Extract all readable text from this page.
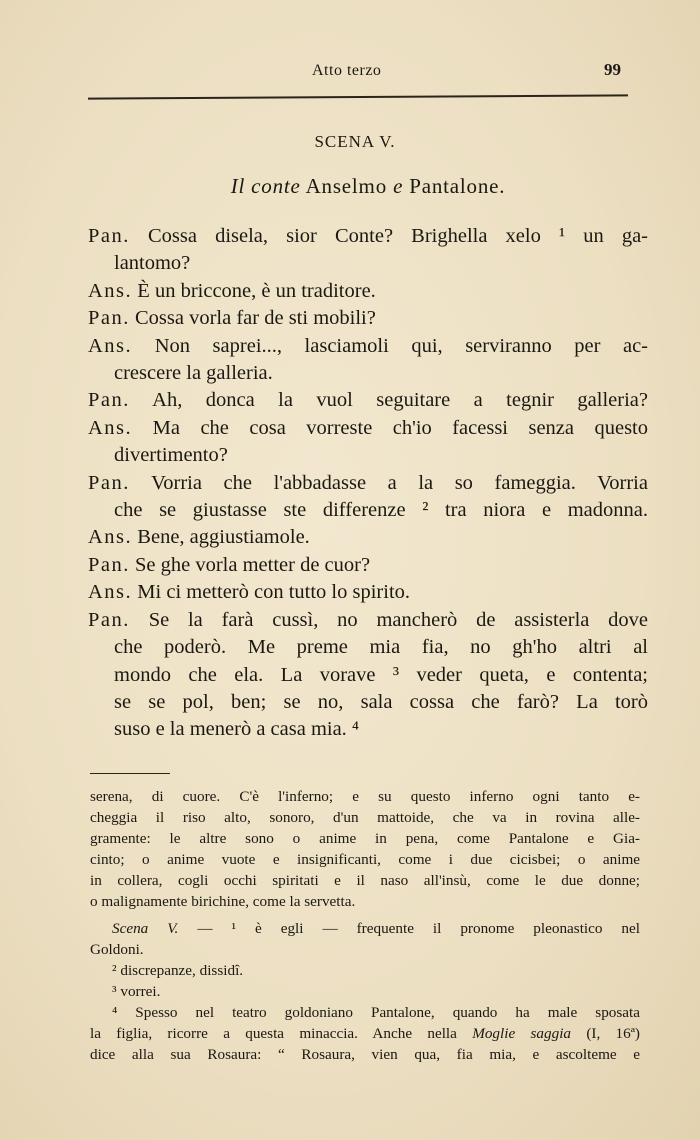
Atto terzo	99
SCENA V.
Il conte Anselmo e Pantalone.

Pan. Cossa disela, sior Conte? Brighella xelo ¹ un ga-

lantomo?

Ans. È un briccone, è un traditore.

Pan. Cossa vorla far de sti mobili?

Ans. Non saprei..., lasciamoli qui, serviranno per ac-

crescere la galleria.

Pan. Ah, donca la vuol seguitare a tegnir galleria?

Ans. Ma che cosa vorreste ch'io facessi senza questo

divertimento?

Pan. Vorria che l'abbadasse a la so fameggia. Vorria

che se giustasse ste differenze ² tra niora e madonna.

Ans. Bene, aggiustiamole.

Pan. Se ghe vorla metter de cuor?

Ans. Mi ci metterò con tutto lo spirito.

Pan. Se la farà cussì, no mancherò de assisterla dove

che poderò. Me preme mia fia, no gh'ho altri al

mondo che ela. La vorave ³ veder queta, e contenta;

se se pol, ben; se no, sala cossa che farò? La torò

suso e la menerò a casa mia. ⁴

serena, di cuore. C'è l'inferno; e su questo inferno ogni tanto e-

cheggia il riso alto, sonoro, d'un mattoide, che va in rovina alle-

gramente: le altre sono o anime in pena, come Pantalone e Gia-

cinto; o anime vuote e insignificanti, come i due cicisbei; o anime

in collera, cogli occhi spiritati e il naso all'insù, come le due donne;

o malignamente birichine, come la servetta.

Scena V. — ¹ è egli — frequente il pronome pleonastico nel

Goldoni.

² discrepanze, dissidî.

³ vorrei.

⁴ Spesso nel teatro goldoniano Pantalone, quando ha male sposata

la figlia, ricorre a questa minaccia. Anche nella Moglie saggia (I, 16ª)

dice alla sua Rosaura: “ Rosaura, vien qua, fia mia, e ascolteme e
